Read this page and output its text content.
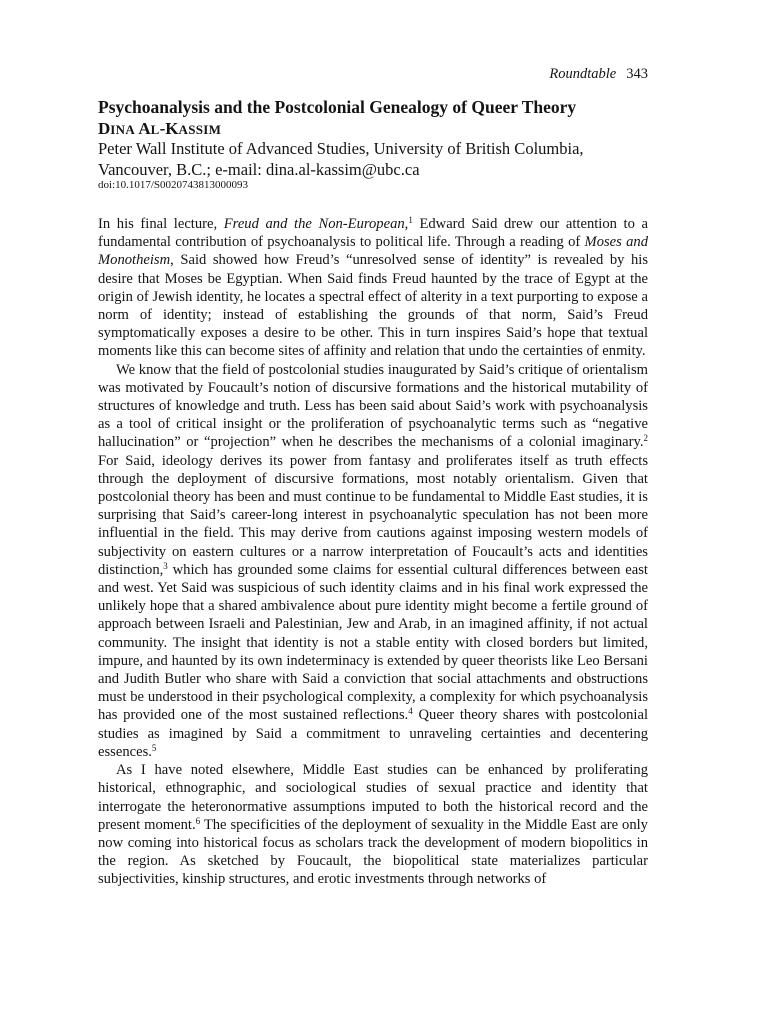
Roundtable 343
Psychoanalysis and the Postcolonial Genealogy of Queer Theory
DINA AL-KASSIM
Peter Wall Institute of Advanced Studies, University of British Columbia,
Vancouver, B.C.; e-mail: dina.al-kassim@ubc.ca
doi:10.1017/S0020743813000093

In his final lecture, Freud and the Non-European,$^1$ Edward Said drew our attention to a fundamental contribution of psychoanalysis to political life. Through a reading of Moses and Monotheism, Said showed how Freud’s “unresolved sense of identity” is revealed by his desire that Moses be Egyptian. When Said finds Freud haunted by the trace of Egypt at the origin of Jewish identity, he locates a spectral effect of alterity in a text purporting to expose a norm of identity; instead of establishing the grounds of that norm, Said’s Freud symptomatically exposes a desire to be other. This in turn inspires Said’s hope that textual moments like this can become sites of affinity and relation that undo the certainties of enmity.

We know that the field of postcolonial studies inaugurated by Said’s critique of orientalism was motivated by Foucault’s notion of discursive formations and the historical mutability of structures of knowledge and truth. Less has been said about Said’s work with psychoanalysis as a tool of critical insight or the proliferation of psychoanalytic terms such as “negative hallucination” or “projection” when he describes the mechanisms of a colonial imaginary.$^2$ For Said, ideology derives its power from fantasy and proliferates itself as truth effects through the deployment of discursive formations, most notably orientalism. Given that postcolonial theory has been and must continue to be fundamental to Middle East studies, it is surprising that Said’s career-long interest in psychoanalytic speculation has not been more influential in the field. This may derive from cautions against imposing western models of subjectivity on eastern cultures or a narrow interpretation of Foucault’s acts and identities distinction,$^3$ which has grounded some claims for essential cultural differences between east and west. Yet Said was suspicious of such identity claims and in his final work expressed the unlikely hope that a shared ambivalence about pure identity might become a fertile ground of approach between Israeli and Palestinian, Jew and Arab, in an imagined affinity, if not actual community. The insight that identity is not a stable entity with closed borders but limited, impure, and haunted by its own indeterminacy is extended by queer theorists like Leo Bersani and Judith Butler who share with Said a conviction that social attachments and obstructions must be understood in their psychological complexity, a complexity for which psychoanalysis has provided one of the most sustained reflections.$^4$ Queer theory shares with postcolonial studies as imagined by Said a commitment to unraveling certainties and decentering essences.$^5$

As I have noted elsewhere, Middle East studies can be enhanced by proliferating historical, ethnographic, and sociological studies of sexual practice and identity that interrogate the heteronormative assumptions imputed to both the historical record and the present moment.$^6$ The specificities of the deployment of sexuality in the Middle East are only now coming into historical focus as scholars track the development of modern biopolitics in the region. As sketched by Foucault, the biopolitical state materializes particular subjectivities, kinship structures, and erotic investments through networks of
